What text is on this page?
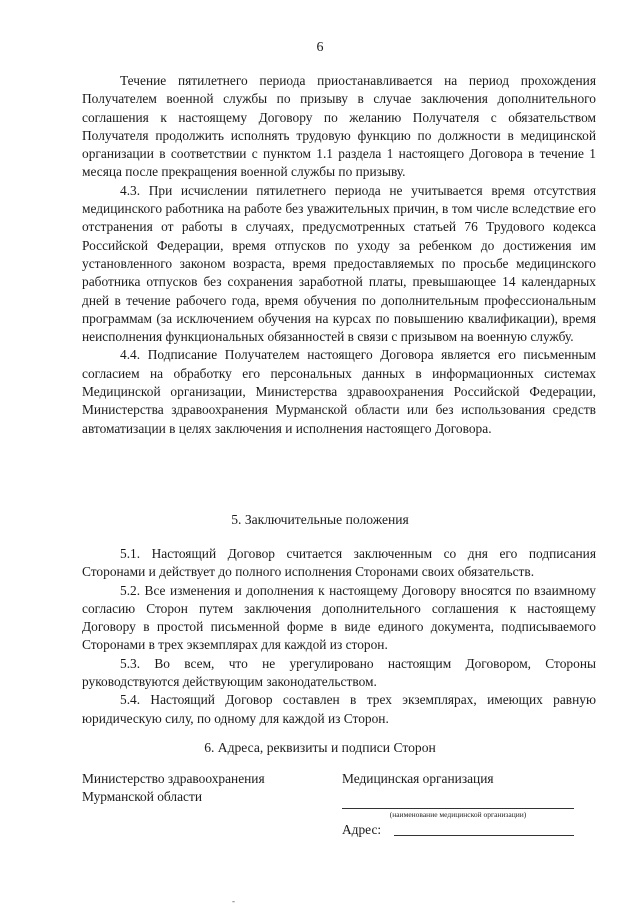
6

Течение пятилетнего периода приостанавливается на период прохождения Получателем военной службы по призыву в случае заключения дополнительного соглашения к настоящему Договору по желанию Получателя с обязательством Получателя продолжить исполнять трудовую функцию по должности в медицинской организации в соответствии с пунктом 1.1 раздела 1 настоящего Договора в течение 1 месяца после прекращения военной службы по призыву.

4.3. При исчислении пятилетнего периода не учитывается время отсутствия медицинского работника на работе без уважительных причин, в том числе вследствие его отстранения от работы в случаях, предусмотренных статьей 76 Трудового кодекса Российской Федерации, время отпусков по уходу за ребенком до достижения им установленного законом возраста, время предоставляемых по просьбе медицинского работника отпусков без сохранения заработной платы, превышающее 14 календарных дней в течение рабочего года, время обучения по дополнительным профессиональным программам (за исключением обучения на курсах по повышению квалификации), время неисполнения функциональных обязанностей в связи с призывом на военную службу.

4.4. Подписание Получателем настоящего Договора является его письменным согласием на обработку его персональных данных в информационных системах Медицинской организации, Министерства здравоохранения Российской Федерации, Министерства здравоохранения Мурманской области или без использования средств автоматизации в целях заключения и исполнения настоящего Договора.

5. Заключительные положения

5.1. Настоящий Договор считается заключенным со дня его подписания Сторонами и действует до полного исполнения Сторонами своих обязательств.

5.2. Все изменения и дополнения к настоящему Договору вносятся по взаимному согласию Сторон путем заключения дополнительного соглашения к настоящему Договору в простой письменной форме в виде единого документа, подписываемого Сторонами в трех экземплярах для каждой из сторон.

5.3. Во всем, что не урегулировано настоящим Договором, Стороны руководствуются действующим законодательством.

5.4. Настоящий Договор составлен в трех экземплярах, имеющих равную юридическую силу, по одному для каждой из Сторон.

6. Адреса, реквизиты и подписи Сторон
Министерство здравоохранения Мурманской области
Медицинская организация
(наименование медицинской организации)
Адрес:
-
